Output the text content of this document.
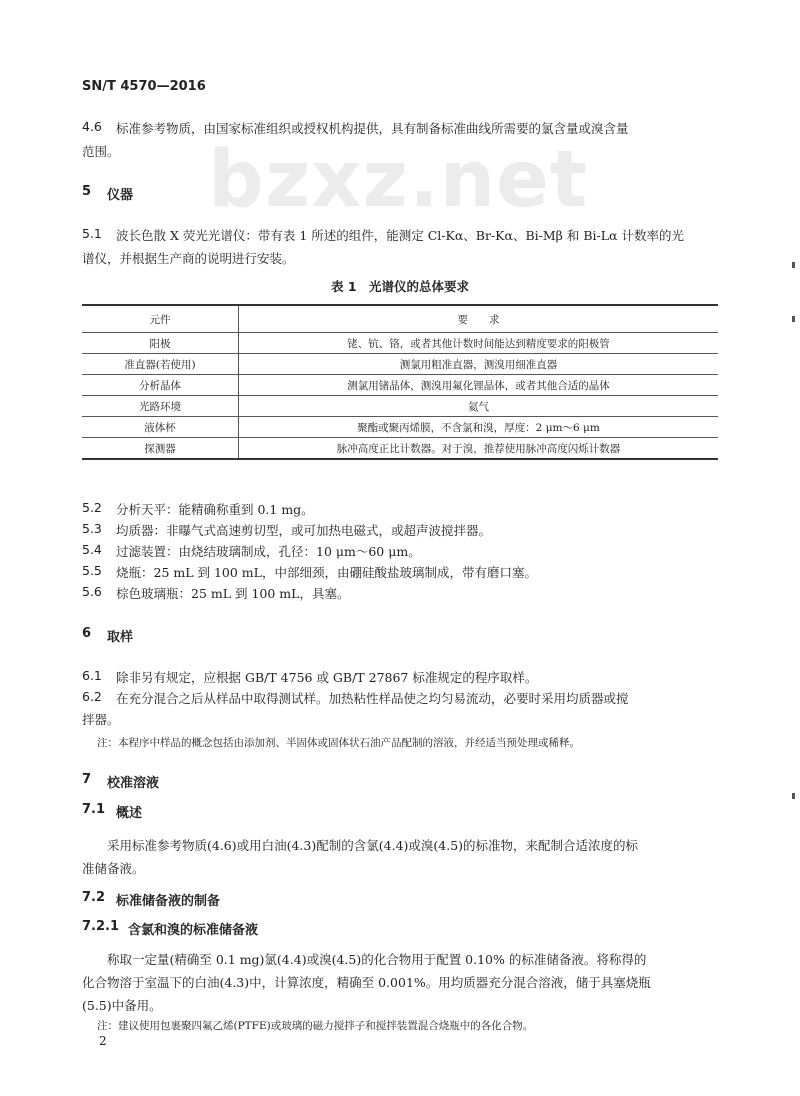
SN/T 4570—2016
bzxz.net
4.6 标准参考物质，由国家标准组织或授权机构提供，具有制备标准曲线所需要的氯含量或溴含量
范围。
5 仪器
5.1 波长色散 X 荧光光谱仪：带有表 1 所述的组件，能测定 Cl-Kα、Br-Kα、Bi-Mβ 和 Bi-Lα 计数率的光
谱仪，并根据生产商的说明进行安装。
表 1　光谱仪的总体要求
元件	要　　求
阳极	铑、钪、铬，或者其他计数时间能达到精度要求的阳极管
准直器(若使用)	测氯用粗准直器，测溴用细准直器
分析晶体	测氯用锗晶体，测溴用氟化锂晶体，或者其他合适的晶体
光路环境	氦气
液体杯	聚酯或聚丙烯膜，不含氯和溴，厚度：2 μm～6 μm
探测器	脉冲高度正比计数器。对于溴，推荐使用脉冲高度闪烁计数器
5.2 分析天平：能精确称重到 0.1 mg。
5.3 均质器：非曝气式高速剪切型，或可加热电磁式，或超声波搅拌器。
5.4 过滤装置：由烧结玻璃制成，孔径：10 μm～60 μm。
5.5 烧瓶：25 mL 到 100 mL，中部细颈，由硼硅酸盐玻璃制成，带有磨口塞。
5.6 棕色玻璃瓶：25 mL 到 100 mL，具塞。
6 取样
6.1 除非另有规定，应根据 GB/T 4756 或 GB/T 27867 标准规定的程序取样。
6.2 在充分混合之后从样品中取得测试样。加热粘性样品使之均匀易流动，必要时采用均质器或搅
拌器。
注：本程序中样品的概念包括由添加剂、半固体或固体状石油产品配制的溶液，并经适当预处理或稀释。
7 校准溶液
7.1 概述
采用标准参考物质(4.6)或用白油(4.3)配制的含氯(4.4)或溴(4.5)的标准物，来配制合适浓度的标
准储备液。
7.2 标准储备液的制备
7.2.1 含氯和溴的标准储备液
称取一定量(精确至 0.1 mg)氯(4.4)或溴(4.5)的化合物用于配置 0.10% 的标准储备液。将称得的
化合物溶于室温下的白油(4.3)中，计算浓度，精确至 0.001%。用均质器充分混合溶液，储于具塞烧瓶
(5.5)中备用。
注：建议使用包裹聚四氟乙烯(PTFE)或玻璃的磁力搅拌子和搅拌装置混合烧瓶中的各化合物。
2
